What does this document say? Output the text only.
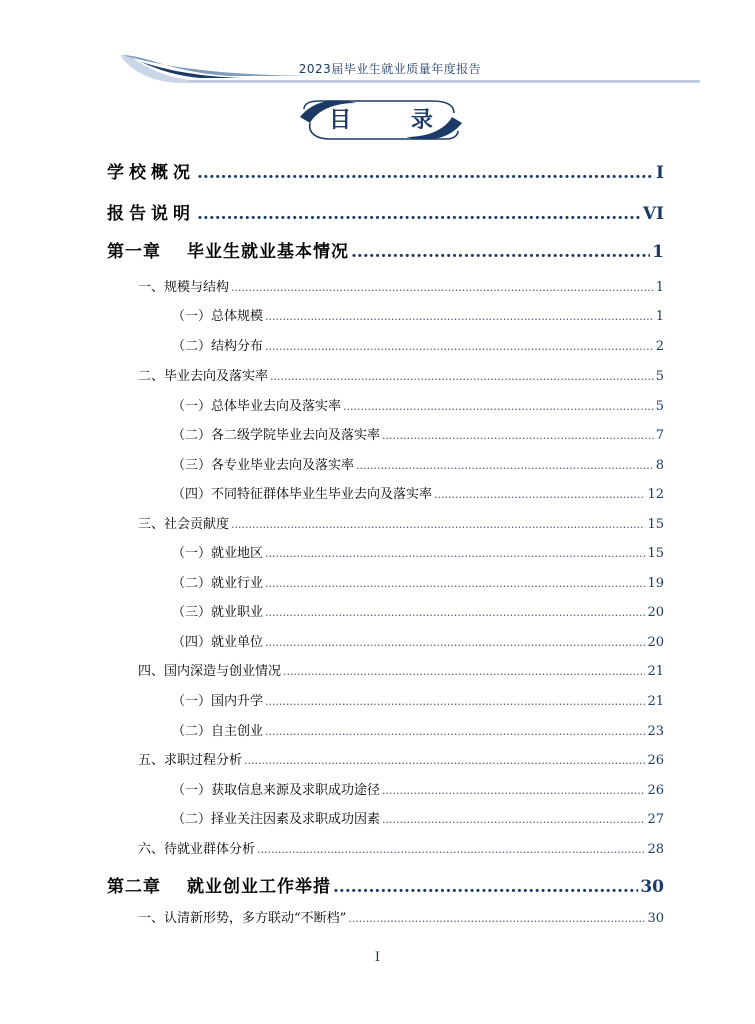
2023届毕业生就业质量年度报告
目 录
学校概况 .....	I
报告说明 .....	VI
第一章 毕业生就业基本情况 .....	1
一、规模与结构 .....	1
（一）总体规模 .....	1
（二）结构分布 .....	2
二、毕业去向及落实率 .....	5
（一）总体毕业去向及落实率 .....	5
（二）各二级学院毕业去向及落实率 .....	7
（三）各专业毕业去向及落实率 .....	8
（四）不同特征群体毕业生毕业去向及落实率 .....	12
三、社会贡献度 .....	15
（一）就业地区 .....	15
（二）就业行业 .....	19
（三）就业职业 .....	20
（四）就业单位 .....	20
四、国内深造与创业情况 .....	21
（一）国内升学 .....	21
（二）自主创业 .....	23
五、求职过程分析 .....	26
（一）获取信息来源及求职成功途径 .....	26
（二）择业关注因素及求职成功因素 .....	27
六、待就业群体分析 .....	28
第二章 就业创业工作举措 .....	30
一、认清新形势，多方联动“不断档” .....	30
I
